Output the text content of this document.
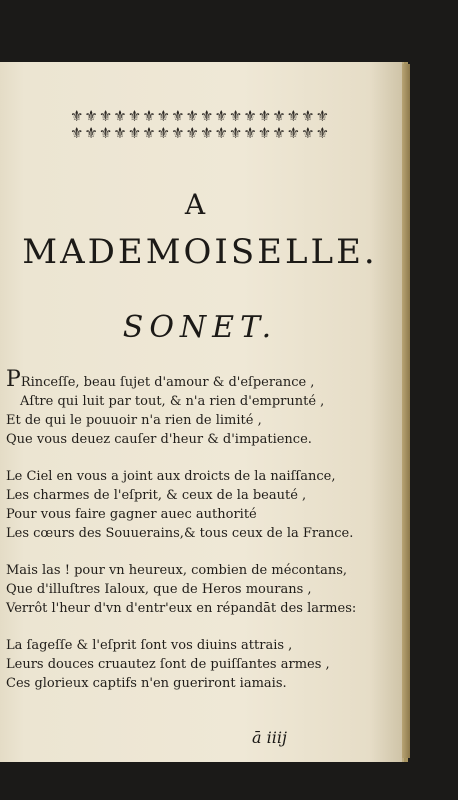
⚜⚜⚜⚜⚜⚜⚜⚜⚜⚜⚜⚜⚜⚜⚜⚜⚜⚜
⚜⚜⚜⚜⚜⚜⚜⚜⚜⚜⚜⚜⚜⚜⚜⚜⚜⚜
A
MADEMOISELLE.
SONET.
PRinceſſe, beau ſujet d'amour & d'eſperance ,
Aſtre qui luit par tout, & n'a rien d'emprunté ,
Et de qui le pouuoir n'a rien de limité ,
Que vous deuez cauſer d'heur & d'impatience.
Le Ciel en vous a joint aux droicts de la naiſſance,
Les charmes de l'eſprit, & ceux de la beauté ,
Pour vous faire gagner auec authorité
Les cœurs des Souuerains,& tous ceux de la France.
Mais las ! pour vn heureux, combien de mécontans,
Que d'illuſtres Ialoux, que de Heros mourans ,
Verrôt l'heur d'vn d'entr'eux en répandāt des larmes:
La ſageſſe & l'eſprit ſont vos diuins attrais ,
Leurs douces cruautez ſont de puiſſantes armes ,
Ces glorieux captifs n'en gueriront iamais.
ā iiij
